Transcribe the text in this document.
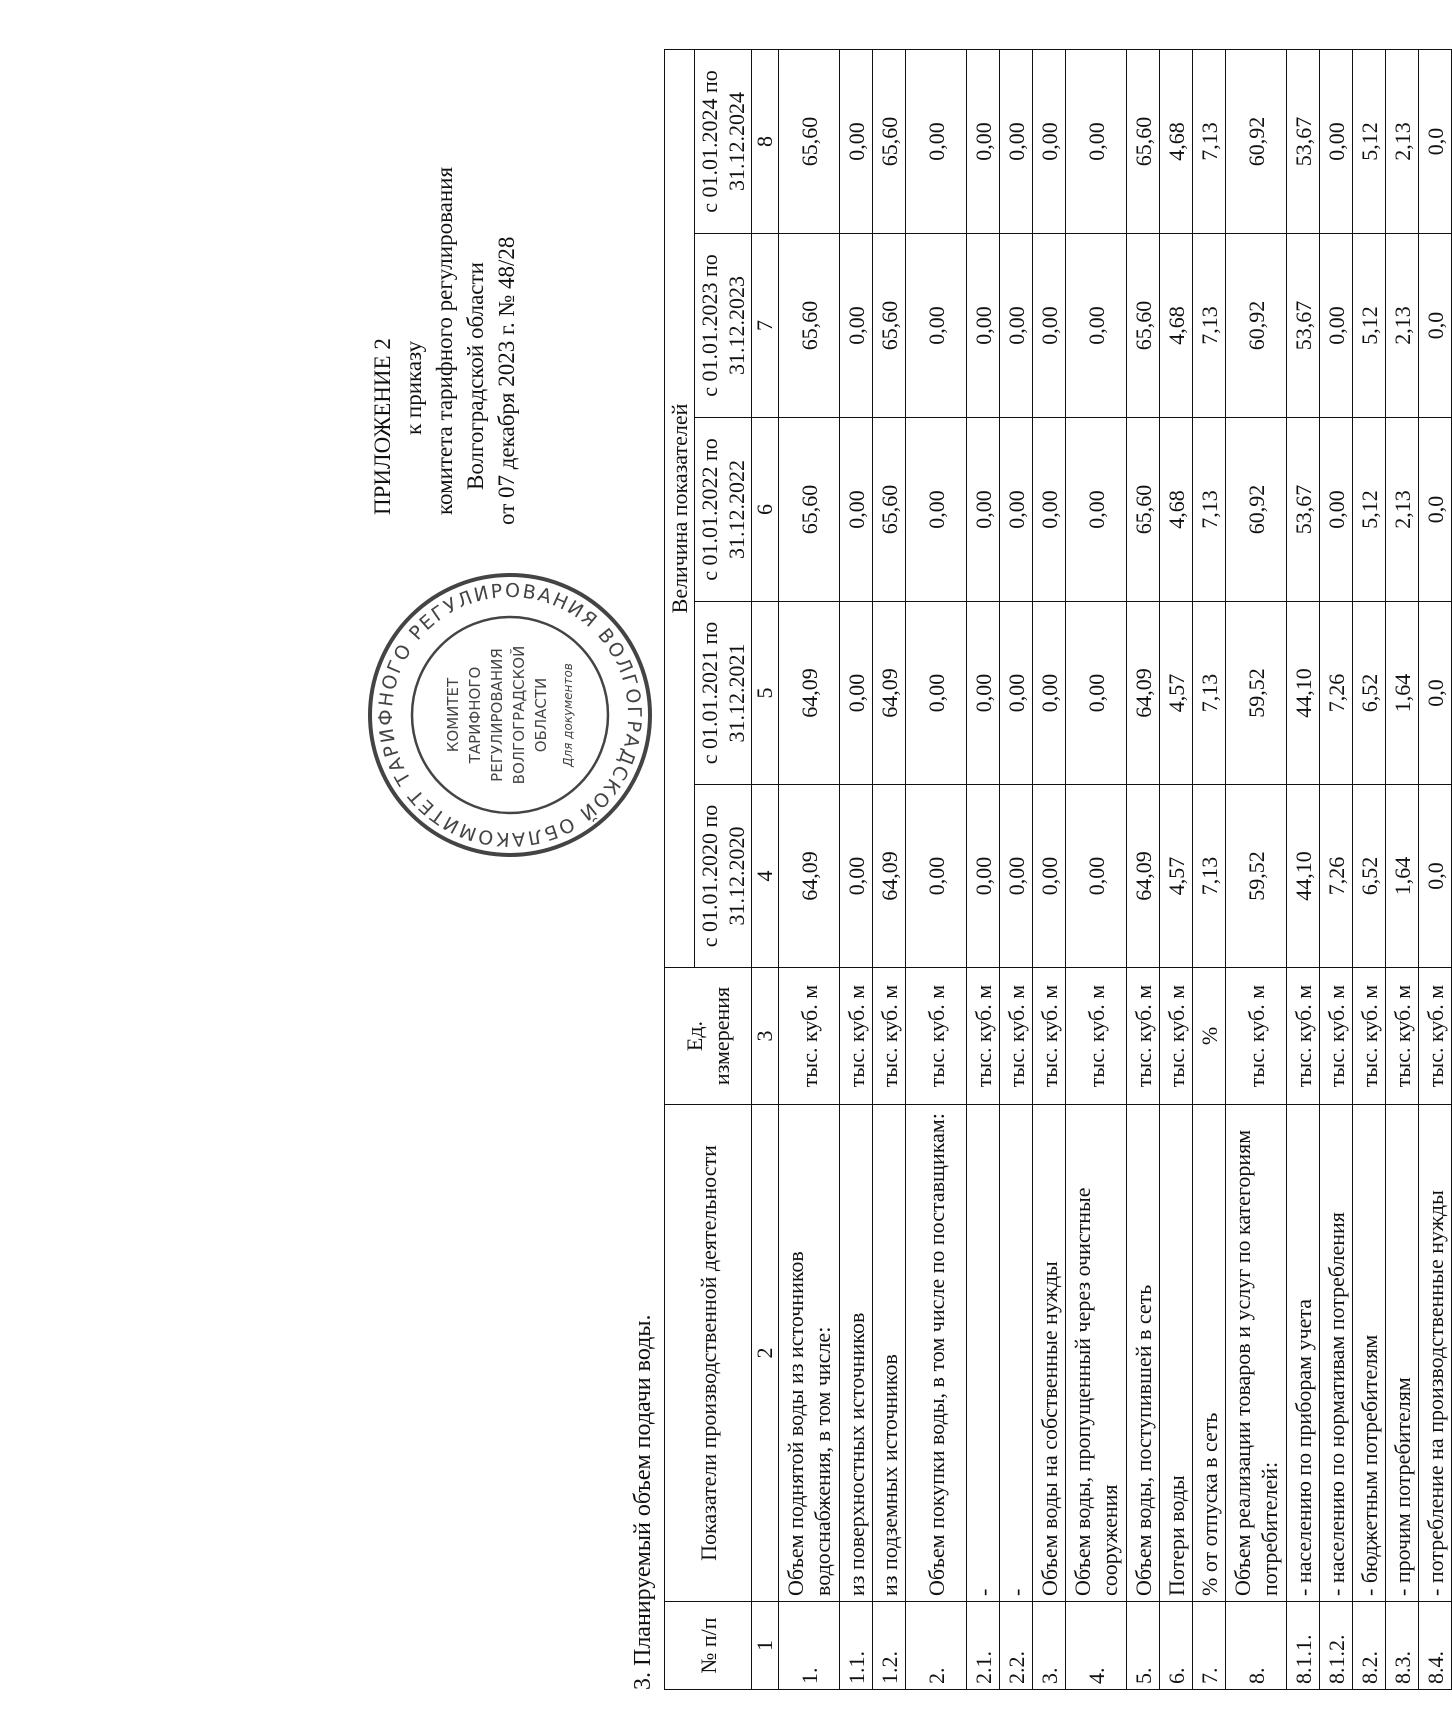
КОМИТЕТ ТАРИФНОГО РЕГУЛИРОВАНИЯ ВОЛГОГРАДСКОЙ ОБЛА
КОМИТЕТ ТАРИФНОГО РЕГУЛИРОВАНИЯ ВОЛГОГРАДСКОЙ ОБЛАСТИ Для документов
ПРИЛОЖЕНИЕ 2 к приказу комитета тарифного регулирования Волгоградской области от 07 декабря 2023 г. № 48/28
3. Планируемый объем подачи воды. № п/п	Показатели производственной деятельности	Ед. измерения	Величина показателей				
			с 01.01.2020 по 31.12.2020	с 01.01.2021 по 31.12.2021	с 01.01.2022 по 31.12.2022	с 01.01.2023 по 31.12.2023	с 01.01.2024 по 31.12.2024
1	2	3	4	5	6	7	8
1.	Объем поднятой воды из источников водоснабжения, в том числе:	тыс. куб. м	64,09	64,09	65,60	65,60	65,60
1.1.	из поверхностных источников	тыс. куб. м	0,00	0,00	0,00	0,00	0,00
1.2.	из подземных источников	тыс. куб. м	64,09	64,09	65,60	65,60	65,60
2.	Объем покупки воды, в том числе по поставщикам:	тыс. куб. м	0,00	0,00	0,00	0,00	0,00
2.1.	-	тыс. куб. м	0,00	0,00	0,00	0,00	0,00
2.2.	-	тыс. куб. м	0,00	0,00	0,00	0,00	0,00
3.	Объем воды на собственные нужды	тыс. куб. м	0,00	0,00	0,00	0,00	0,00
4.	Объем воды, пропущенный через очистные сооружения	тыс. куб. м	0,00	0,00	0,00	0,00	0,00
5.	Объем воды, поступившей в сеть	тыс. куб. м	64,09	64,09	65,60	65,60	65,60
6.	Потери воды	тыс. куб. м	4,57	4,57	4,68	4,68	4,68
7.	% от отпуска в сеть	%	7,13	7,13	7,13	7,13	7,13
8.	Объем реализации товаров и услуг по категориям потребителей:	тыс. куб. м	59,52	59,52	60,92	60,92	60,92
8.1.1.	- населению по приборам учета	тыс. куб. м	44,10	44,10	53,67	53,67	53,67
8.1.2.	- населению по нормативам потребления	тыс. куб. м	7,26	7,26	0,00	0,00	0,00
8.2.	- бюджетным потребителям	тыс. куб. м	6,52	6,52	5,12	5,12	5,12
8.3.	- прочим потребителям	тыс. куб. м	1,64	1,64	2,13	2,13	2,13
8.4.	- потребление на производственные нужды	тыс. куб. м	0,0	0,0	0,0	0,0	0,0
